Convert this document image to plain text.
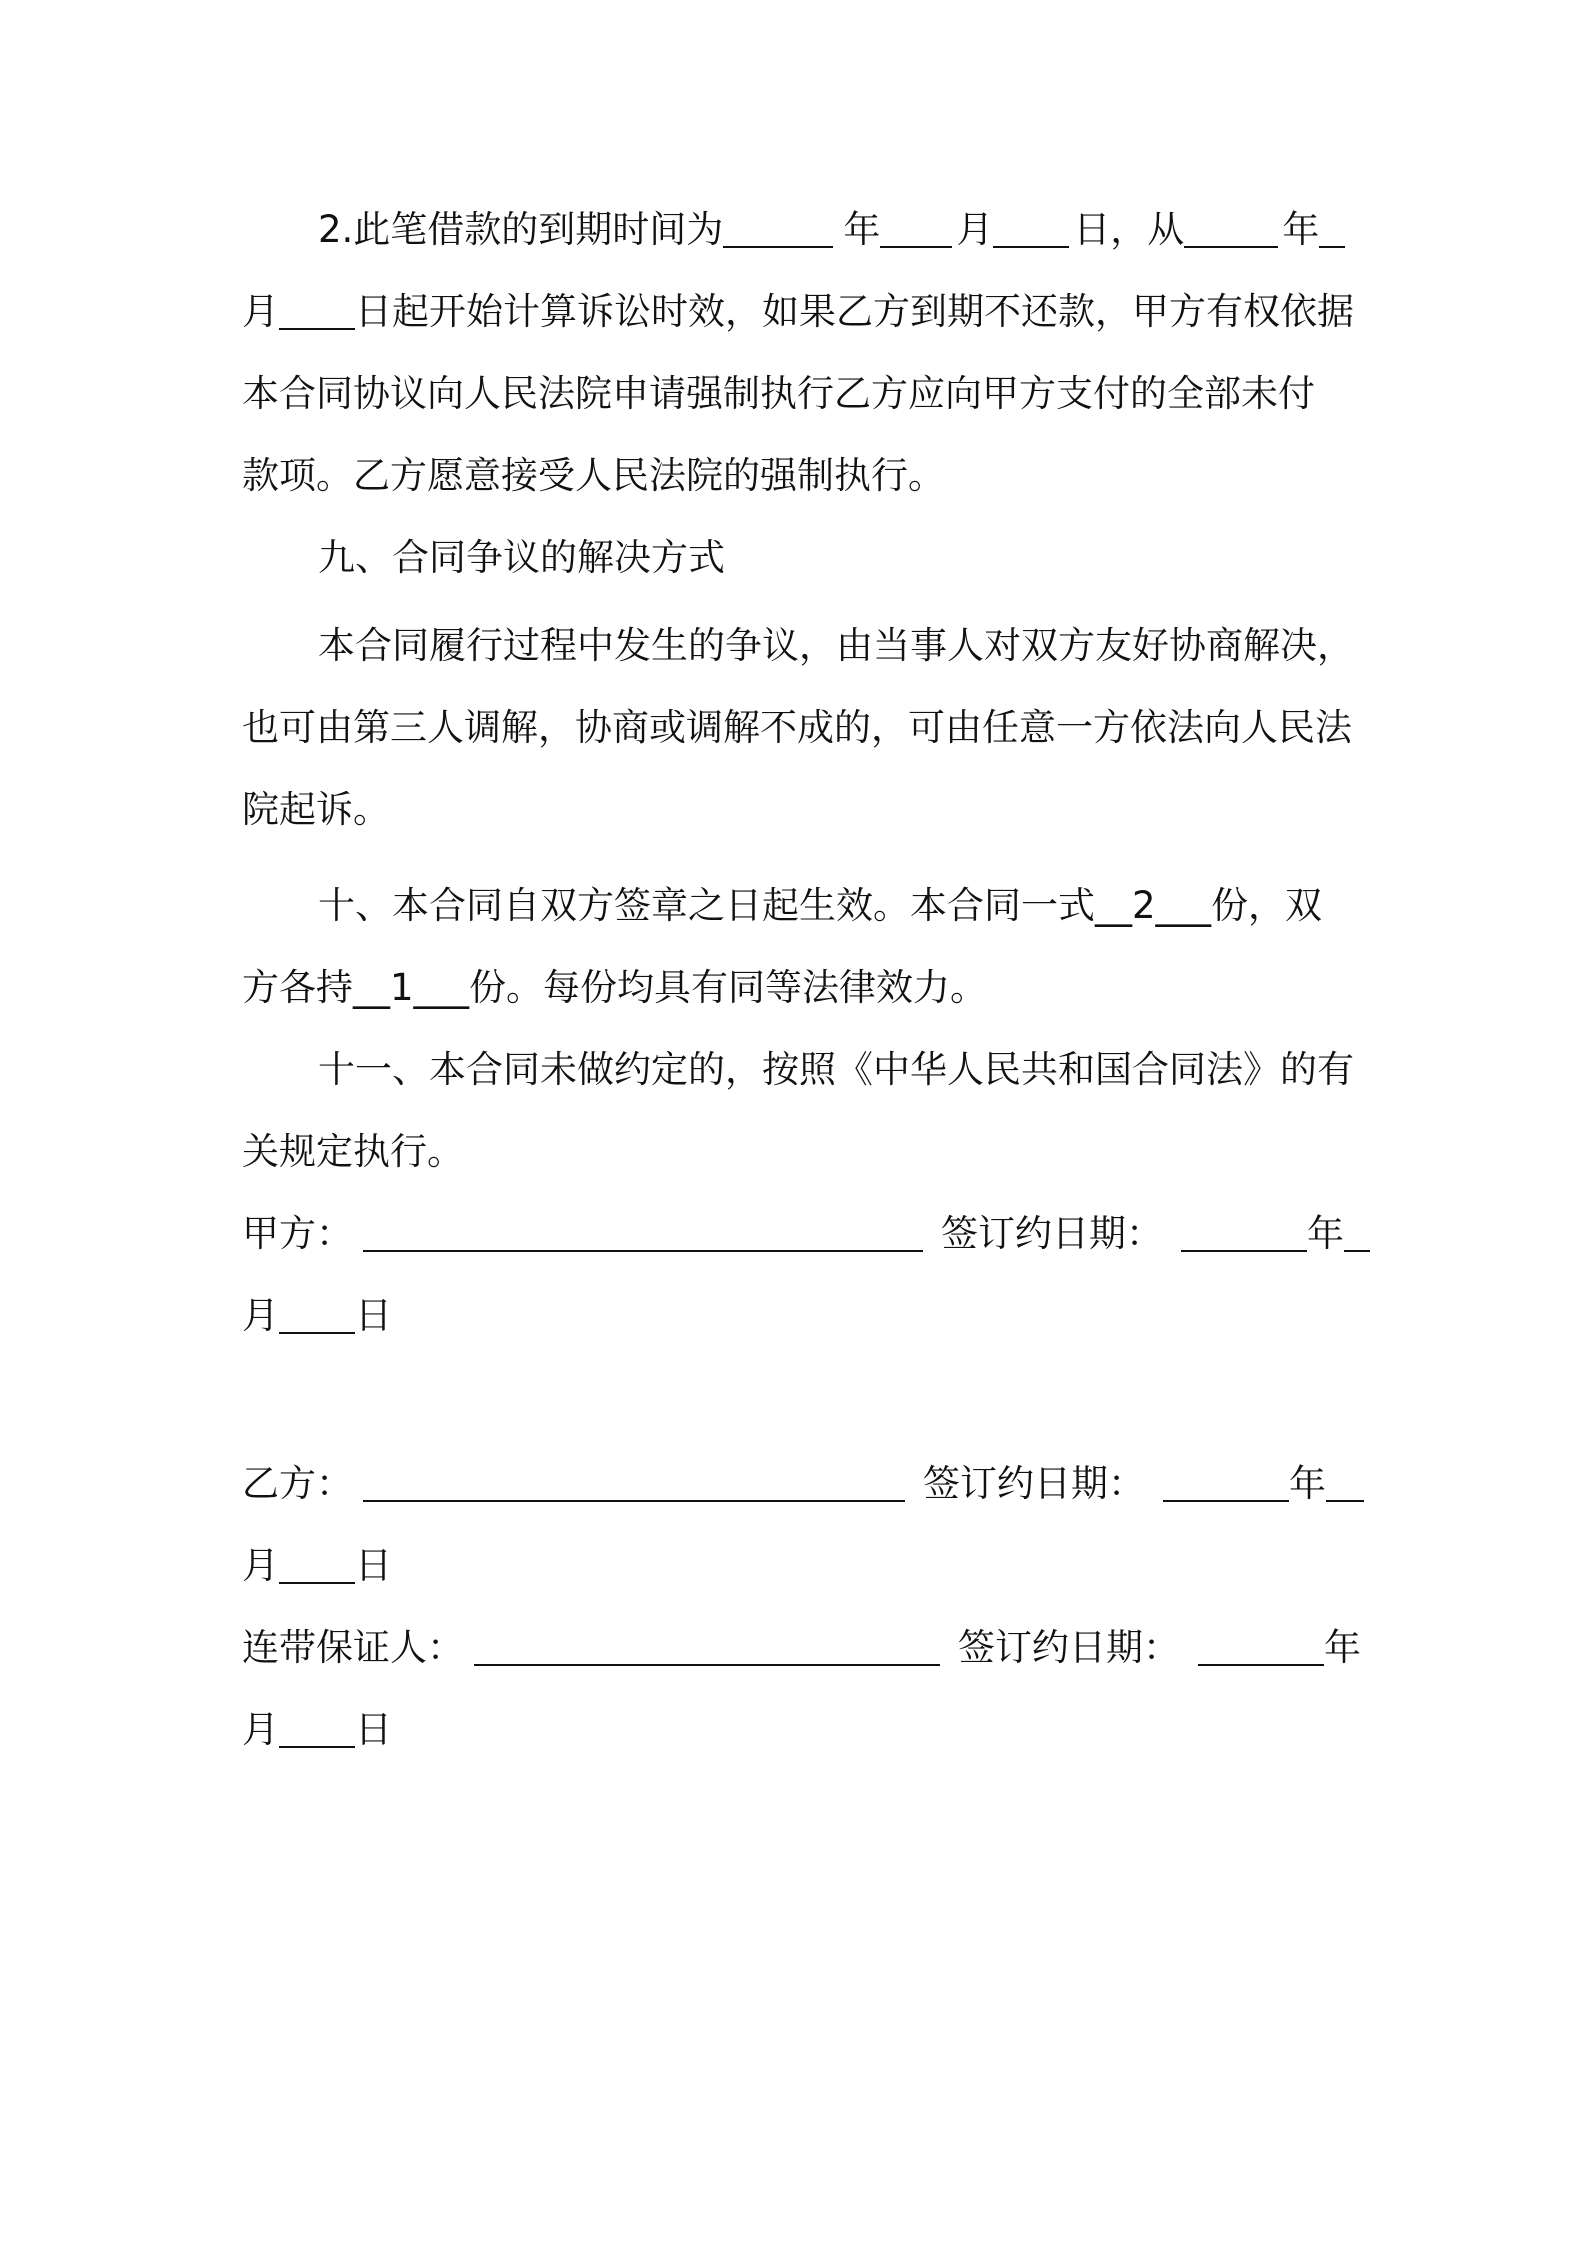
2.此笔借款的到期时间为	年 月 日，从	年
月 日起开始计算诉讼时效，如果乙方到期不还款，甲方有权依据
本合同协议向人民法院申请强制执行乙方应向甲方支付的全部未付
款项。乙方愿意接受人民法院的强制执行。
九、合同争议的解决方式
本合同履行过程中发生的争议，由当事人对双方友好协商解决，
也可由第三人调解，协商或调解不成的，可由任意一方依法向人民法
院起诉。
十、本合同自双方签章之日起生效。本合同一式__2___份，双
方各持__1___份。每份均具有同等法律效力。
十一、本合同未做约定的，按照《中华人民共和国合同法》的有
关规定执行。
甲方：	签订约日期：	年
月 日
乙方：	签订约日期：	年
月 日
连带保证人：	签订约日期：	年
月 日
